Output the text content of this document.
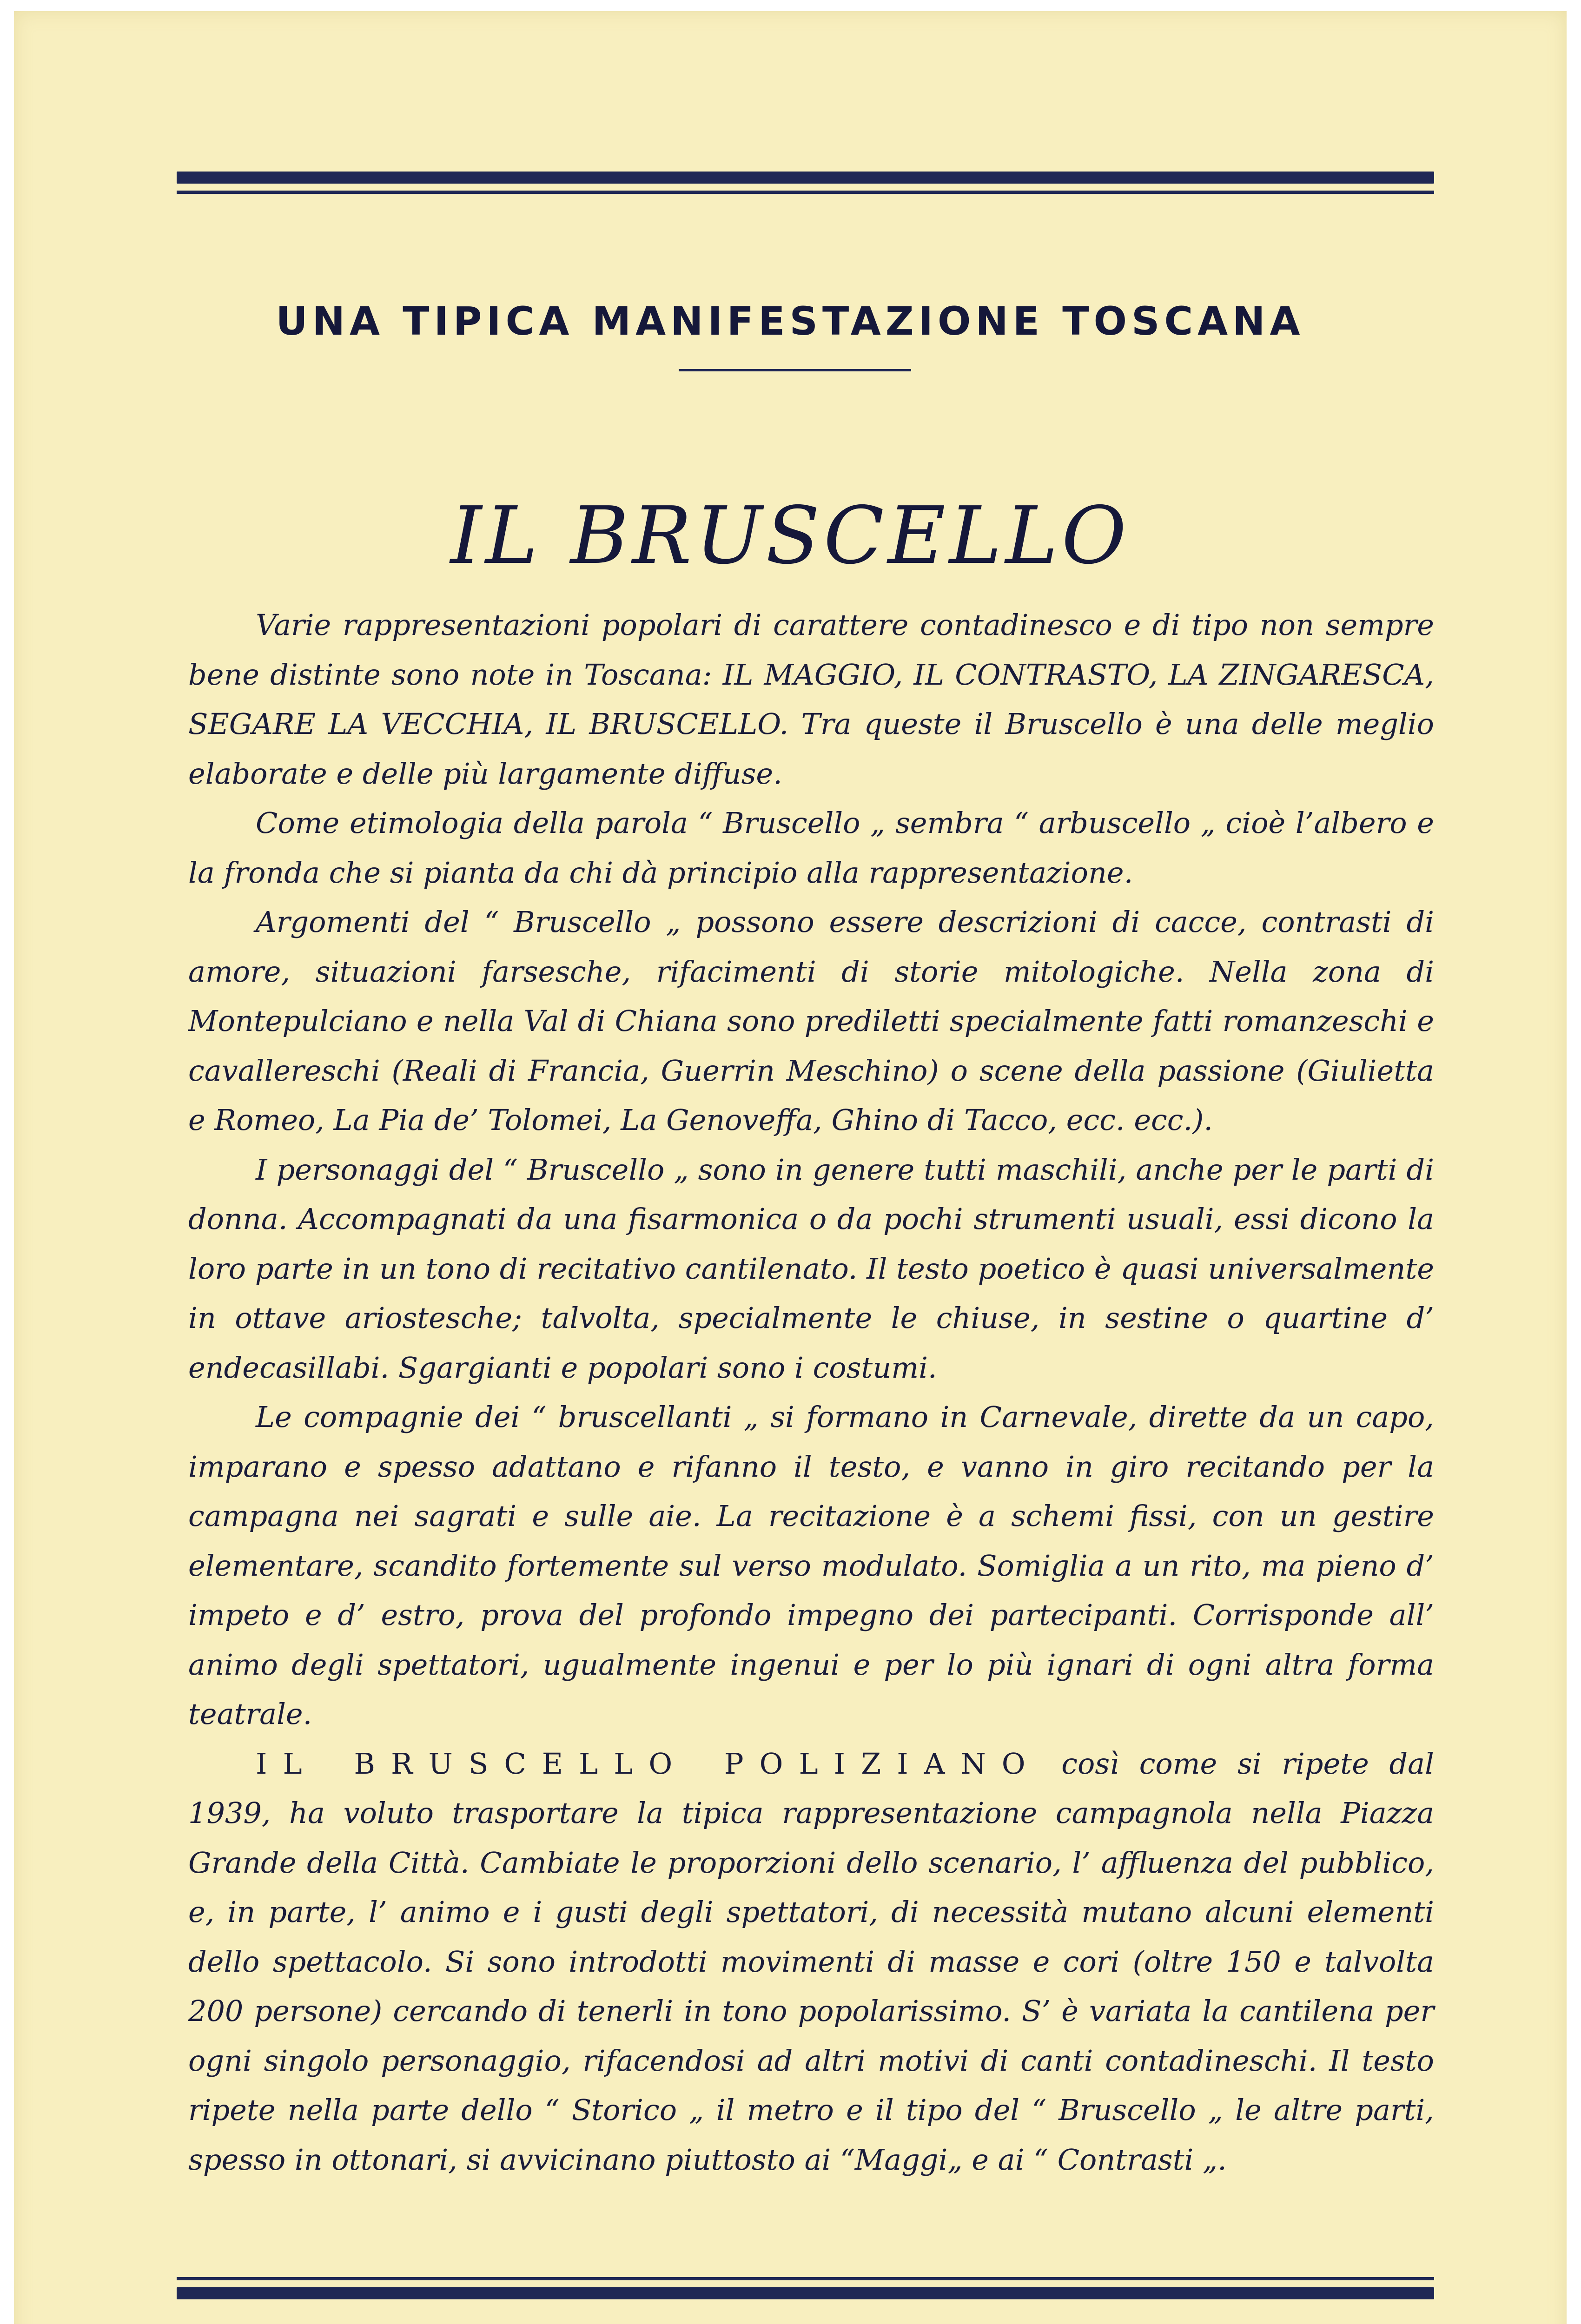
UNA TIPICA MANIFESTAZIONE TOSCANA
IL BRUSCELLO

Varie rappresentazioni popolari di carattere contadinesco e di tipo non sempre bene distinte sono note in Toscana: IL MAGGIO, IL CONTRASTO, LA ZINGARESCA, SEGARE LA VECCHIA, IL BRUSCELLO. Tra queste il Bruscello è una delle meglio elaborate e delle più largamente diffuse.

Come etimologia della parola “ Bruscello „ sembra “ arbuscello „ cioè l’albero e la fronda che si pianta da chi dà principio alla rappresentazione.

Argomenti del “ Bruscello „ possono essere descrizioni di cacce, contrasti di amore, situazioni farsesche, rifacimenti di storie mitologiche. Nella zona di Montepulciano e nella Val di Chiana sono prediletti specialmente fatti romanzeschi e cavallereschi (Reali di Francia, Guerrin Meschino) o scene della passione (Giulietta e Romeo, La Pia de’ Tolomei, La Genoveffa, Ghino di Tacco, ecc. ecc.).

I personaggi del “ Bruscello „ sono in genere tutti maschili, anche per le parti di donna. Accompagnati da una fisarmonica o da pochi strumenti usuali, essi dicono la loro parte in un tono di recitativo cantilenato. Il testo poetico è quasi universalmente in ottave ariostesche; talvolta, specialmente le chiuse, in sestine o quartine d’ endecasillabi. Sgargianti e popolari sono i costumi.

Le compagnie dei “ bruscellanti „ si formano in Carnevale, dirette da un capo, imparano e spesso adattano e rifanno il testo, e vanno in giro recitando per la campagna nei sagrati e sulle aie. La recitazione è a schemi fissi, con un gestire elementare, scandito fortemente sul verso modulato. Somiglia a un rito, ma pieno d’ impeto e d’ estro, prova del profondo impegno dei partecipanti. Corrisponde all’ animo degli spettatori, ugualmente ingenui e per lo più ignari di ogni altra forma teatrale.

IL BRUSCELLO POLIZIANO così come si ripete dal 1939, ha voluto trasportare la tipica rappresentazione campagnola nella Piazza Grande della Città. Cambiate le proporzioni dello scenario, l’ affluenza del pubblico, e, in parte, l’ animo e i gusti degli spettatori, di necessità mutano alcuni elementi dello spettacolo. Si sono introdotti movimenti di masse e cori (oltre 150 e talvolta 200 persone) cercando di tenerli in tono popolarissimo. S’ è variata la cantilena per ogni singolo personaggio, rifacendosi ad altri motivi di canti contadineschi. Il testo ripete nella parte dello “ Storico „ il metro e il tipo del “ Bruscello „ le altre parti, spesso in ottonari, si avvicinano piuttosto ai “Maggi„ e ai “ Contrasti „.
